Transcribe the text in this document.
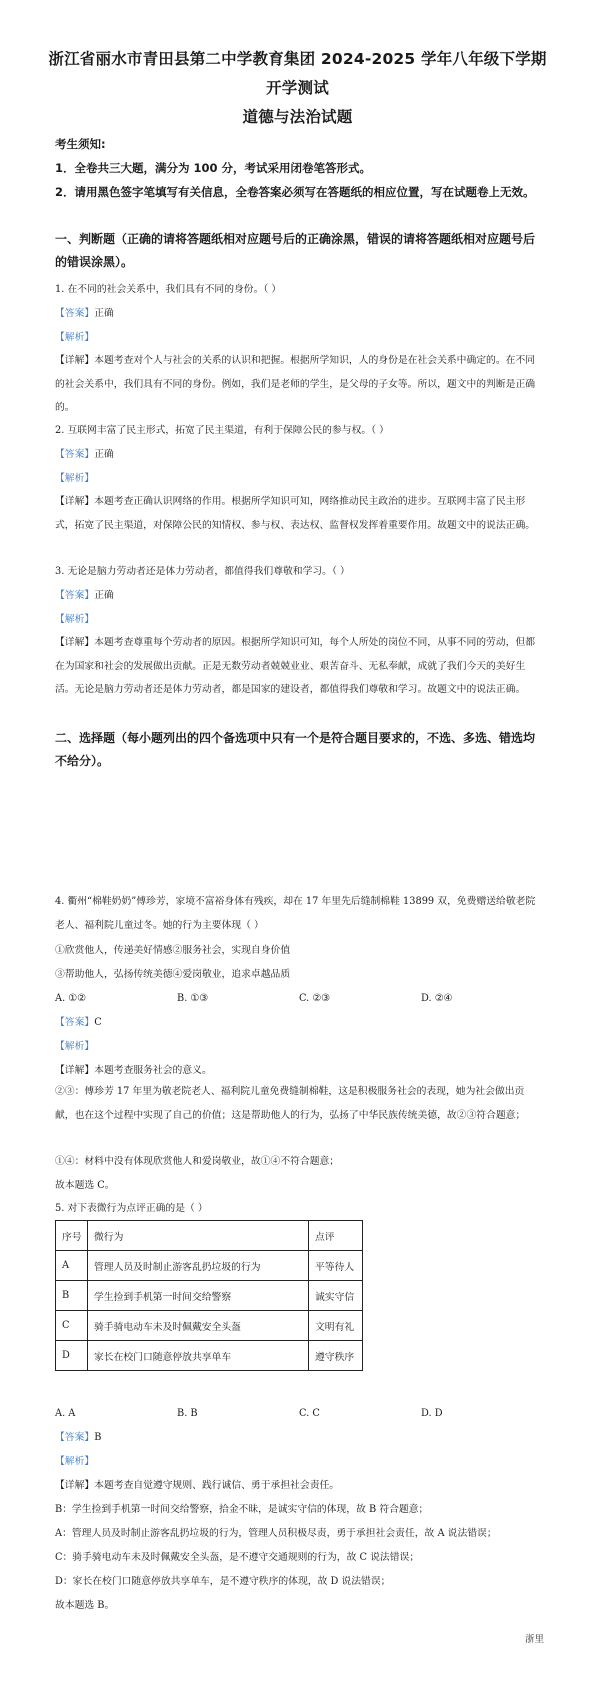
浙江省丽水市青田县第二中学教育集团 2024-2025 学年八年级下学期
开学测试
道德与法治试题
考生须知:
1．全卷共三大题，满分为 100 分，考试采用闭卷笔答形式。
2．请用黑色签字笔填写有关信息，全卷答案必须写在答题纸的相应位置，写在试题卷上无效。
一、判断题（正确的请将答题纸相对应题号后的正确涂黑，错误的请将答题纸相对应题号后的错误涂黑）。
1. 在不同的社会关系中，我们具有不同的身份。（ ）
【答案】正确
【解析】
【详解】本题考查对个人与社会的关系的认识和把握。根据所学知识，人的身份是在社会关系中确定的。在不同的社会关系中，我们具有不同的身份。例如，我们是老师的学生，是父母的子女等。所以，题文中的判断是正确的。
2. 互联网丰富了民主形式，拓宽了民主渠道，有利于保障公民的参与权。（ ）
【答案】正确
【解析】
【详解】本题考查正确认识网络的作用。根据所学知识可知，网络推动民主政治的进步。互联网丰富了民主形式，拓宽了民主渠道，对保障公民的知情权、参与权、表达权、监督权发挥着重要作用。故题文中的说法正确。
3. 无论是脑力劳动者还是体力劳动者，都值得我们尊敬和学习。（ ）
【答案】正确
【解析】
【详解】本题考查尊重每个劳动者的原因。根据所学知识可知，每个人所处的岗位不同，从事不同的劳动，但都在为国家和社会的发展做出贡献。正是无数劳动者兢兢业业、艰苦奋斗、无私奉献，成就了我们今天的美好生活。无论是脑力劳动者还是体力劳动者，都是国家的建设者，都值得我们尊敬和学习。故题文中的说法正确。
二、选择题（每小题列出的四个备选项中只有一个是符合题目要求的，不选、多选、错选均不给分）。
4. 衢州“棉鞋奶奶”傅珍芳，家境不富裕身体有残疾，却在 17 年里先后缝制棉鞋 13899 双，免费赠送给敬老院老人、福利院儿童过冬。她的行为主要体现（ ）
①欣赏他人，传递美好情感②服务社会，实现自身价值
③帮助他人，弘扬传统美德④爱岗敬业，追求卓越品质
A. ①②	B. ①③	C. ②③	D. ②④
【答案】C
【解析】
【详解】本题考查服务社会的意义。
②③：傅珍芳 17 年里为敬老院老人、福利院儿童免费缝制棉鞋，这是积极服务社会的表现，她为社会做出贡献，也在这个过程中实现了自己的价值；这是帮助他人的行为，弘扬了中华民族传统美德，故②③符合题意；
①④：材料中没有体现欣赏他人和爱岗敬业，故①④不符合题意；
故本题选 C。
5. 对下表微行为点评正确的是（ ）
序号	微行为	点评
A	管理人员及时制止游客乱扔垃圾的行为	平等待人
B	学生捡到手机第一时间交给警察	诚实守信
C	骑手骑电动车未及时佩戴安全头盔	文明有礼
D	家长在校门口随意停放共享单车	遵守秩序
A. A	B. B	C. C	D. D
【答案】B
【解析】
【详解】本题考查自觉遵守规则、践行诚信、勇于承担社会责任。
B：学生捡到手机第一时间交给警察，拾金不昧，是诚实守信的体现，故 B 符合题意；
A：管理人员及时制止游客乱扔垃圾的行为，管理人员积极尽责，勇于承担社会责任，故 A 说法错误；
C：骑手骑电动车未及时佩戴安全头盔，是不遵守交通规则的行为，故 C 说法错误；
D：家长在校门口随意停放共享单车，是不遵守秩序的体现，故 D 说法错误；
故本题选 B。
浙里
